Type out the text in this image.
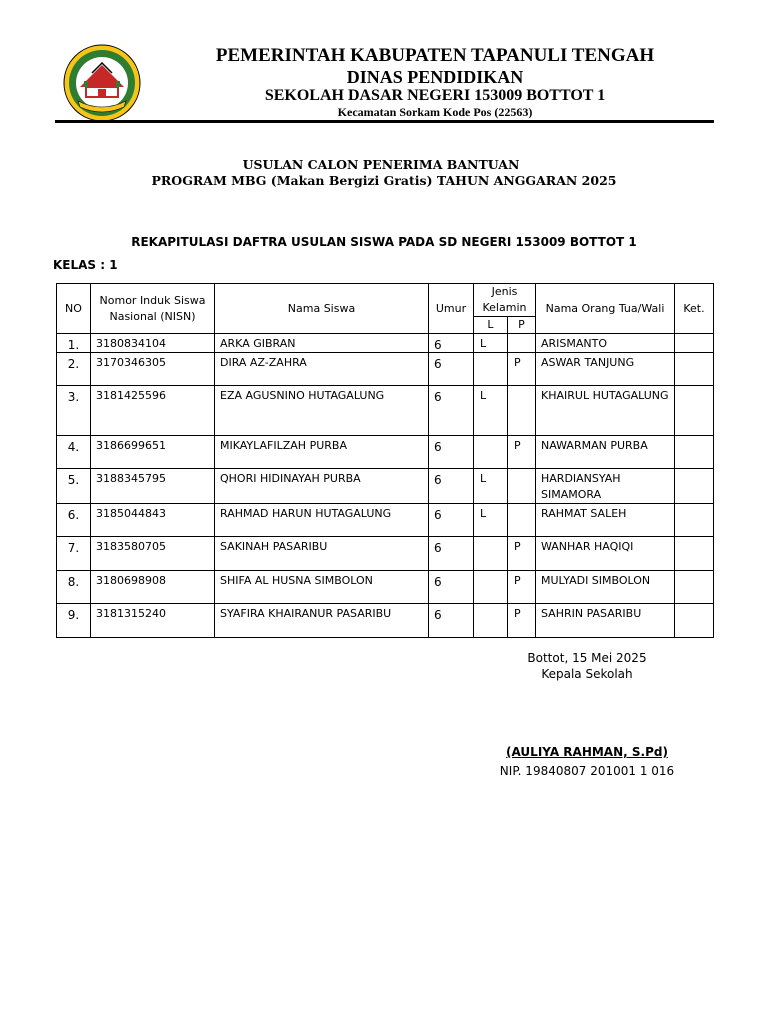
PEMERINTAH KABUPATEN TAPANULI TENGAH
DINAS PENDIDIKAN
SEKOLAH DASAR NEGERI 153009 BOTTOT 1
Kecamatan Sorkam Kode Pos (22563)
USULAN CALON PENERIMA BANTUAN
PROGRAM MBG (Makan Bergizi Gratis) TAHUN ANGGARAN 2025
REKAPITULASI DAFTRA USULAN SISWA PADA SD NEGERI 153009 BOTTOT 1
KELAS : 1
NO	Nomor Induk Siswa Nasional (NISN)	Nama Siswa	Umur	Jenis Kelamin		Nama Orang Tua/Wali	Ket.
				L	P		
1.	3180834104	ARKA GIBRAN	6	L		ARISMANTO	
2.	3170346305	DIRA AZ-ZAHRA	6		P	ASWAR TANJUNG	
3.	3181425596	EZA AGUSNINO HUTAGALUNG	6	L		KHAIRUL HUTAGALUNG	
4.	3186699651	MIKAYLAFILZAH PURBA	6		P	NAWARMAN PURBA	
5.	3188345795	QHORI HIDINAYAH PURBA	6	L		HARDIANSYAH SIMAMORA	
6.	3185044843	RAHMAD HARUN HUTAGALUNG	6	L		RAHMAT SALEH	
7.	3183580705	SAKINAH PASARIBU	6		P	WANHAR HAQIQI	
8.	3180698908	SHIFA AL HUSNA SIMBOLON	6		P	MULYADI SIMBOLON	
9.	3181315240	SYAFIRA KHAIRANUR PASARIBU	6		P	SAHRIN PASARIBU	
Bottot, 15 Mei 2025
Kepala Sekolah
(AULIYA RAHMAN, S.Pd)
NIP. 19840807 201001 1 016
